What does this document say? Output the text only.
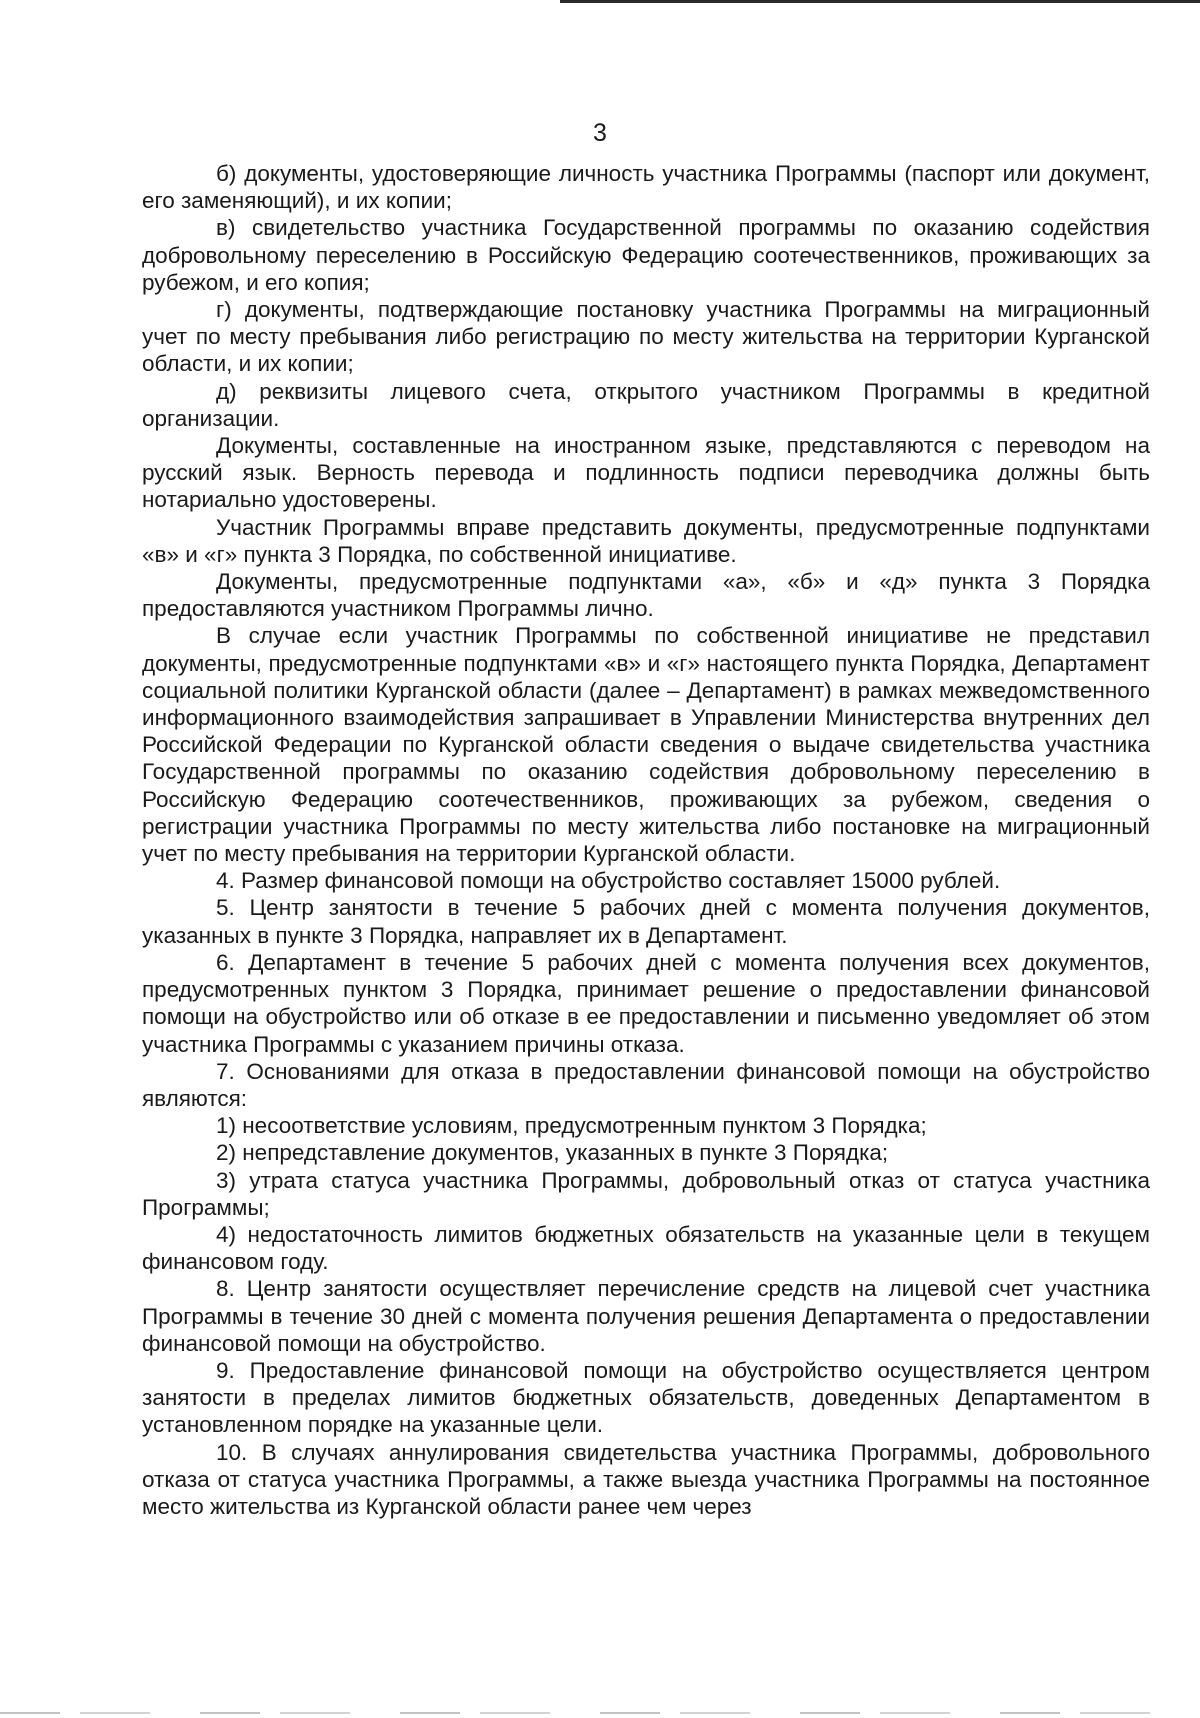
3

б) документы, удостоверяющие личность участника Программы (паспорт или документ, его заменяющий), и их копии;

в) свидетельство участника Государственной программы по оказанию содействия добровольному переселению в Российскую Федерацию соотечественников, проживающих за рубежом, и его копия;

г) документы, подтверждающие постановку участника Программы на миграционный учет по месту пребывания либо регистрацию по месту жительства на территории Курганской области, и их копии;

д) реквизиты лицевого счета, открытого участником Программы в кредитной организации.

Документы, составленные на иностранном языке, представляются с переводом на русский язык. Верность перевода и подлинность подписи переводчика должны быть нотариально удостоверены.

Участник Программы вправе представить документы, предусмотренные подпунктами «в» и «г» пункта 3 Порядка, по собственной инициативе.

Документы, предусмотренные подпунктами «а», «б» и «д» пункта 3 Порядка предоставляются участником Программы лично.

В случае если участник Программы по собственной инициативе не представил документы, предусмотренные подпунктами «в» и «г» настоящего пункта Порядка, Департамент социальной политики Курганской области (далее – Департамент) в рамках межведомственного информационного взаимодействия запрашивает в Управлении Министерства внутренних дел Российской Федерации по Курганской области сведения о выдаче свидетельства участника Государственной программы по оказанию содействия добровольному переселению в Российскую Федерацию соотечественников, проживающих за рубежом, сведения о регистрации участника Программы по месту жительства либо постановке на миграционный учет по месту пребывания на территории Курганской области.

4. Размер финансовой помощи на обустройство составляет 15000 рублей.

5. Центр занятости в течение 5 рабочих дней с момента получения документов, указанных в пункте 3 Порядка, направляет их в Департамент.

6. Департамент в течение 5 рабочих дней с момента получения всех документов, предусмотренных пунктом 3 Порядка, принимает решение о предоставлении финансовой помощи на обустройство или об отказе в ее предоставлении и письменно уведомляет об этом участника Программы с указанием причины отказа.

7. Основаниями для отказа в предоставлении финансовой помощи на обустройство являются:

1) несоответствие условиям, предусмотренным пунктом 3 Порядка;

2) непредставление документов, указанных в пункте 3 Порядка;

3) утрата статуса участника Программы, добровольный отказ от статуса участника Программы;

4) недостаточность лимитов бюджетных обязательств на указанные цели в текущем финансовом году.

8. Центр занятости осуществляет перечисление средств на лицевой счет участника Программы в течение 30 дней с момента получения решения Департамента о предоставлении финансовой помощи на обустройство.

9. Предоставление финансовой помощи на обустройство осуществляется центром занятости в пределах лимитов бюджетных обязательств, доведенных Департаментом в установленном порядке на указанные цели.

10. В случаях аннулирования свидетельства участника Программы, добровольного отказа от статуса участника Программы, а также выезда участника Программы на постоянное место жительства из Курганской области ранее чем через
